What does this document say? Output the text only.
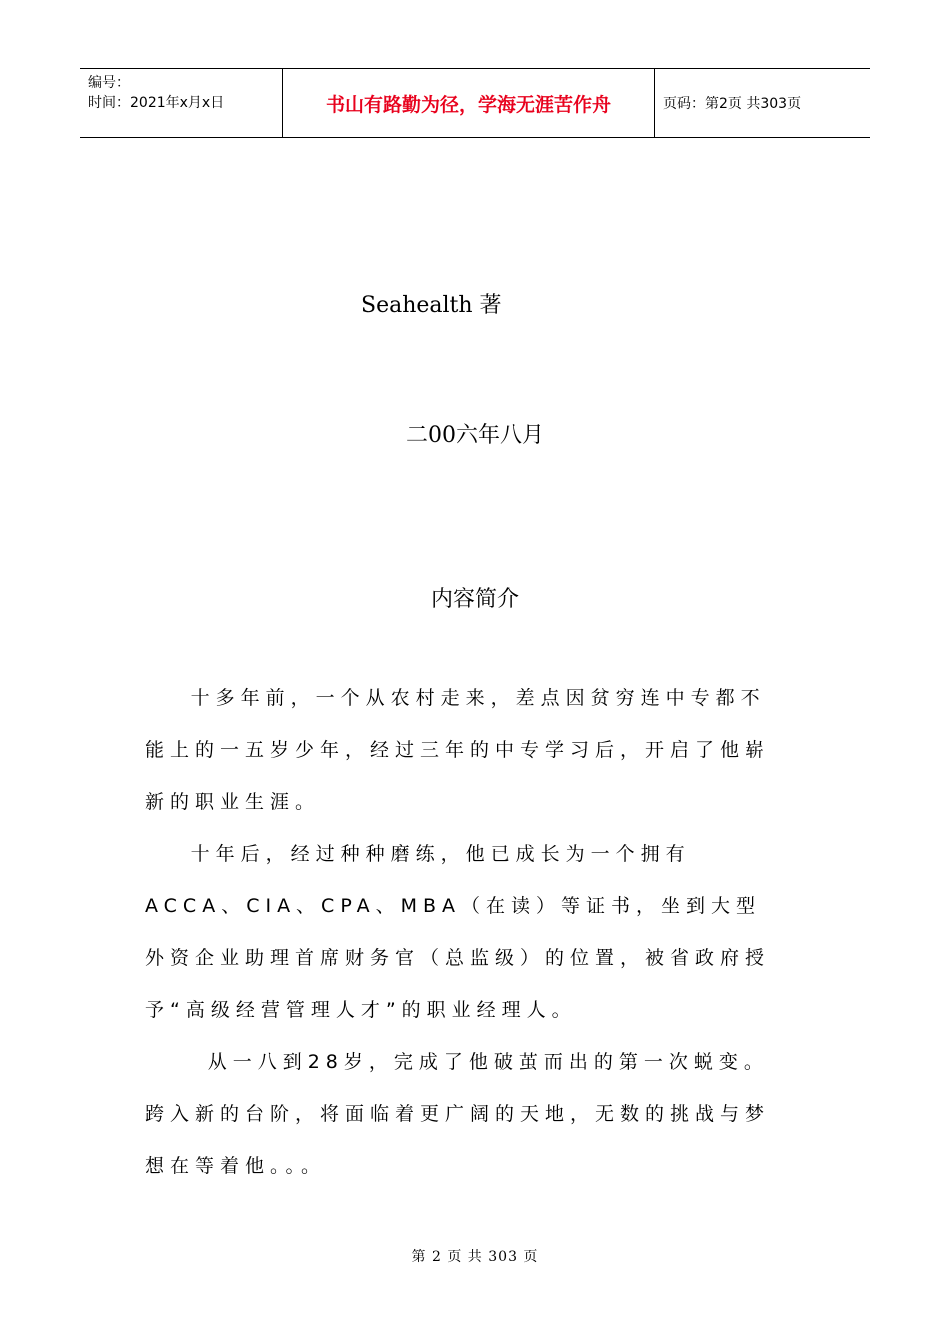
编号：
时间：2021年x月x日	书山有路勤为径，学海无涯苦作舟	页码：第2页 共303页
Seahealth 著
二00六年八月
内容简介

十多年前，一个从农村走来，差点因贫穷连中专都不能上的一五岁少年，经过三年的中专学习后，开启了他崭新的职业生涯。

十年后，经过种种磨练，他已成长为一个拥有ACCA、CIA、CPA、MBA（在读）等证书，坐到大型外资企业助理首席财务官（总监级）的位置，被省政府授予“高级经营管理人才”的职业经理人。

从一八到28岁，完成了他破茧而出的第一次蜕变。跨入新的台阶，将面临着更广阔的天地，无数的挑战与梦想在等着他。。。

第 2 页 共 303 页
